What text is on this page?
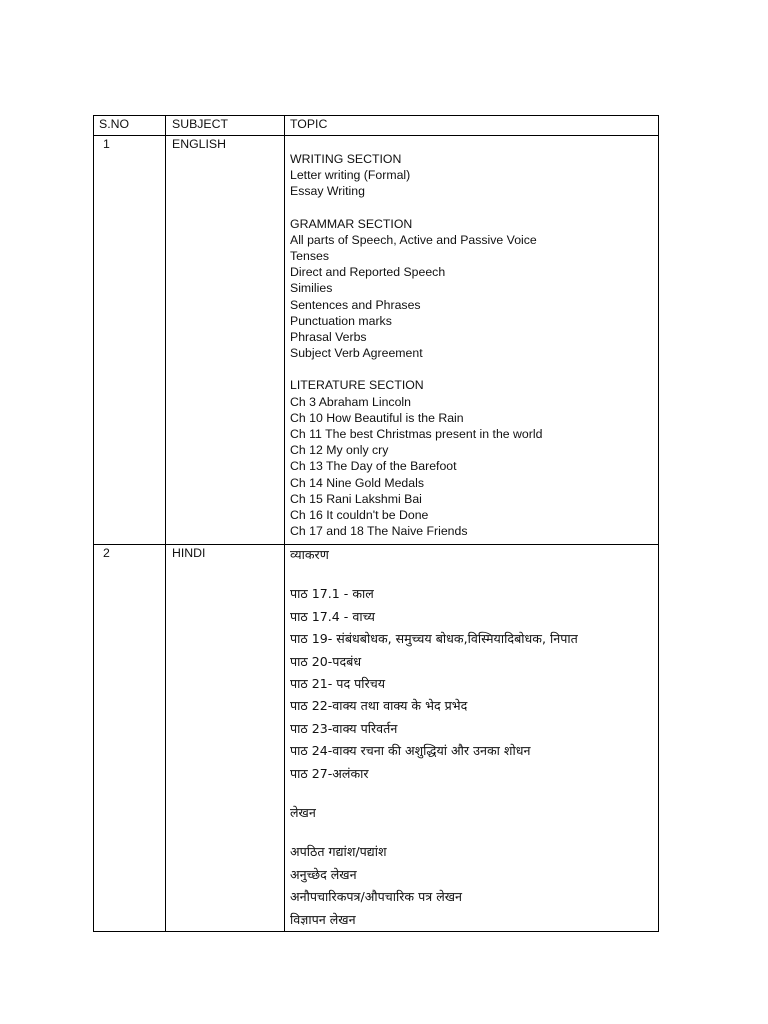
S.NO	SUBJECT	TOPIC
1	ENGLISH
WRITING SECTION
Letter writing (Formal)
Essay Writing
GRAMMAR SECTION
All parts of Speech, Active and Passive Voice
Tenses
Direct and Reported Speech
Similies
Sentences and Phrases
Punctuation marks
Phrasal Verbs
Subject Verb Agreement
LITERATURE SECTION
Ch 3 Abraham Lincoln
Ch 10 How Beautiful is the Rain
Ch 11 The best Christmas present in the world
Ch 12 My only cry
Ch 13 The Day of the Barefoot
Ch 14 Nine Gold Medals
Ch 15 Rani Lakshmi Bai
Ch 16 It couldn't be Done
Ch 17 and 18 The Naive Friends
2	HINDI	व्याकरण
पाठ 17.1 - काल
पाठ 17.4 - वाच्य
पाठ 19- संबंधबोधक, समुच्चय बोधक,विस्मियादिबोधक, निपात
पाठ 20-पदबंध
पाठ 21- पद परिचय
पाठ 22-वाक्य तथा वाक्य के भेद प्रभेद
पाठ 23-वाक्य परिवर्तन
पाठ 24-वाक्य रचना की अशुद्धियां और उनका शोधन
पाठ 27-अलंकार
लेखन
अपठित गद्यांश/पद्यांश
अनुच्छेद लेखन
अनौपचारिकपत्र/औपचारिक पत्र लेखन
विज्ञापन लेखन
